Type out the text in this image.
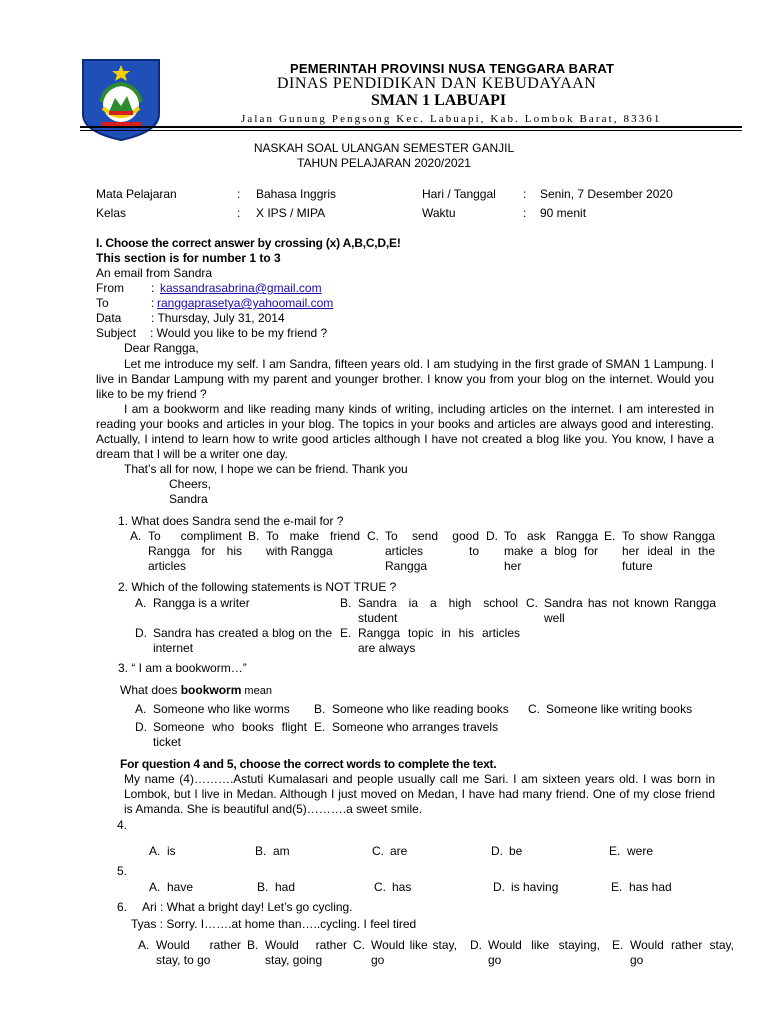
PEMERINTAH PROVINSI NUSA TENGGARA BARAT
DINAS PENDIDIKAN DAN KEBUDAYAAN
SMAN 1 LABUAPI
Jalan Gunung Pengsong Kec. Labuapi, Kab. Lombok Barat, 83361
NASKAH SOAL ULANGAN SEMESTER GANJIL
TAHUN PELAJARAN 2020/2021
Mata Pelajaran	: Bahasa Inggris	Hari / Tanggal : Senin, 7 Desember 2020
Kelas	: X IPS / MIPA	Waktu	: 90 menit
I. Choose the correct answer by crossing (x) A,B,C,D,E!
This section is for number 1 to 3
An email from Sandra
From : kassandrasabrina@gmail.com
To	: ranggaprasetya@yahoomail.com
Data : Thursday, July 31, 2014
Subject : Would you like to be my friend ?
Dear Rangga,
Let me introduce my self. I am Sandra, fifteen years old. I am studying in the first grade of SMAN 1 Lampung. I live in Bandar Lampung with my parent and younger brother. I know you from your blog on the internet. Would you like to be my friend ?
I am a bookworm and like reading many kinds of writing, including articles on the internet. I am interested in reading your books and articles in your blog. The topics in your books and articles are always good and interesting. Actually, I intend to learn how to write good articles although I have not created a blog like you. You know, I have a dream that I will be a writer one day.
That’s all for now, I hope we can be friend. Thank you
Cheers,
Sandra
1. What does Sandra send the e-mail for ?
A. To compliment Rangga for his articles
B. To make friend with Rangga
C. To send good articles to Rangga
D. To ask Rangga make a blog for her
E. To show Rangga her ideal in the future
2. Which of the following statements is NOT TRUE ?
A. Rangga is a writer	B. Sandra ia a high school student
C. Sandra has not known Rangga well
D. Sandra has created a blog on the internet
E. Rangga topic in his articles are always
3. “ I am a bookworm…”
What does bookworm mean
A. Someone who like worms	B. Someone who like reading books	C. Someone like writing books
D. Someone who books flight ticket
E. Someone who arranges travels
For question 4 and 5, choose the correct words to complete the text.
My name (4)……….Astuti Kumalasari and people usually call me Sari. I am sixteen years old. I was born in Lombok, but I live in Medan. Although I just moved on Medan, I have had many friend. One of my close friend is Amanda. She is beautiful and(5)……….a sweet smile.
4.
A. is	B. am	C. are	D. be	E. were
5.
A. have	B. had	C. has	D. is having	E. has had
6. Ari : What a bright day! Let’s go cycling.
Tyas : Sorry. I…….at home than…..cycling. I feel tired
A. Would rather stay, to go
B. Would rather stay, going
C. Would like stay, go
D. Would like staying, go
E. Would rather stay, go
